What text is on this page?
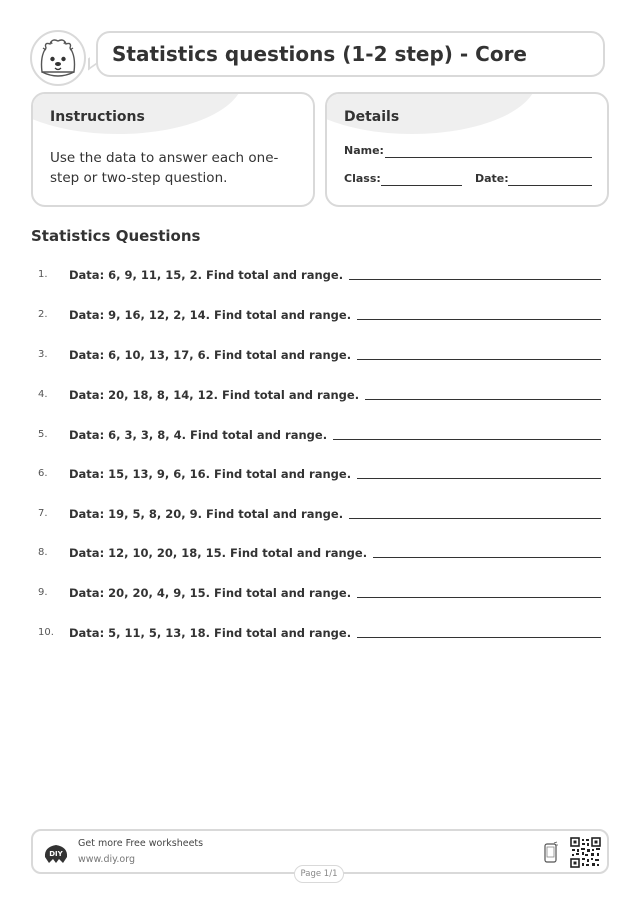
Statistics questions (1-2 step) - Core
Instructions
Use the data to answer each one-step or two-step question.
Details
Name:
Class:	Date:
Statistics Questions
1.	Data: 6, 9, 11, 15, 2. Find total and range.
2.	Data: 9, 16, 12, 2, 14. Find total and range.
3.	Data: 6, 10, 13, 17, 6. Find total and range.
4.	Data: 20, 18, 8, 14, 12. Find total and range.
5.	Data: 6, 3, 3, 8, 4. Find total and range.
6.	Data: 15, 13, 9, 6, 16. Find total and range.
7.	Data: 19, 5, 8, 20, 9. Find total and range.
8.	Data: 12, 10, 20, 18, 15. Find total and range.
9.	Data: 20, 20, 4, 9, 15. Find total and range.
10.	Data: 5, 11, 5, 13, 18. Find total and range.
DIY
Get more Free worksheets
www.diy.org
Page 1/1
